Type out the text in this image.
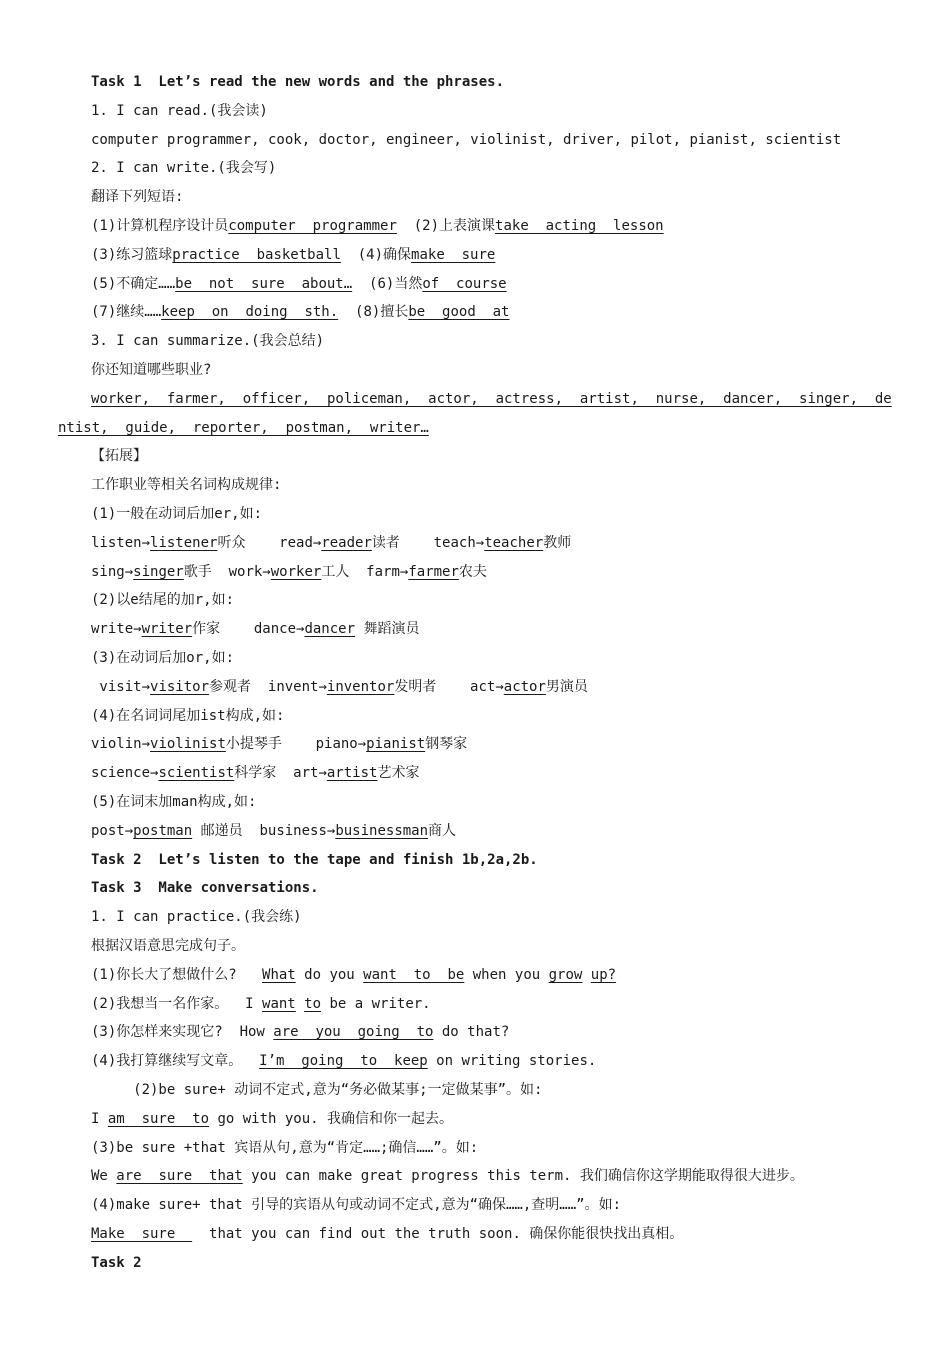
Task 1  Let’s read the new words and the phrases.
1. I can read.(我会读)
computer programmer, cook, doctor, engineer, violinist, driver, pilot, pianist, scientist
2. I can write.(我会写)
翻译下列短语:
(1)计算机程序设计员computer  programmer  (2)上表演课take  acting  lesson
(3)练习篮球practice  basketball  (4)确保make  sure
(5)不确定……be  not  sure  about…  (6)当然of  course
(7)继续……keep  on  doing  sth.  (8)擅长be  good  at
3. I can summarize.(我会总结)
你还知道哪些职业?
worker,  farmer,  officer,  policeman,  actor,  actress,  artist,  nurse,  dancer,  singer,  de
ntist,  guide,  reporter,  postman,  writer…
【拓展】
工作职业等相关名词构成规律:
(1)一般在动词后加er,如:
listen→listener听众    read→reader读者    teach→teacher教师
sing→singer歌手  work→worker工人  farm→farmer农夫
(2)以e结尾的加r,如:
write→writer作家    dance→dancer 舞蹈演员
(3)在动词后加or,如:
visit→visitor参观者  invent→inventor发明者    act→actor男演员
(4)在名词词尾加ist构成,如:
violin→violinist小提琴手    piano→pianist钢琴家
science→scientist科学家  art→artist艺术家
(5)在词末加man构成,如:
post→postman 邮递员  business→businessman商人
Task 2  Let’s listen to the tape and finish 1b,2a,2b.
Task 3  Make conversations.
1. I can practice.(我会练)
根据汉语意思完成句子。
(1)你长大了想做什么?   What do you want  to  be when you grow up?
(2)我想当一名作家。  I want to be a writer.
(3)你怎样来实现它?  How are  you  going  to do that?
(4)我打算继续写文章。  I’m  going  to  keep on writing stories.
(2)be sure+ 动词不定式,意为“务必做某事;一定做某事”。如:
I am  sure  to go with you. 我确信和你一起去。
(3)be sure +that 宾语从句,意为“肯定……;确信……”。如:
We are  sure  that you can make great progress this term. 我们确信你这学期能取得很大进步。
(4)make sure+ that 引导的宾语从句或动词不定式,意为“确保……,查明……”。如:
Make  sure    that you can find out the truth soon. 确保你能很快找出真相。
Task 2
